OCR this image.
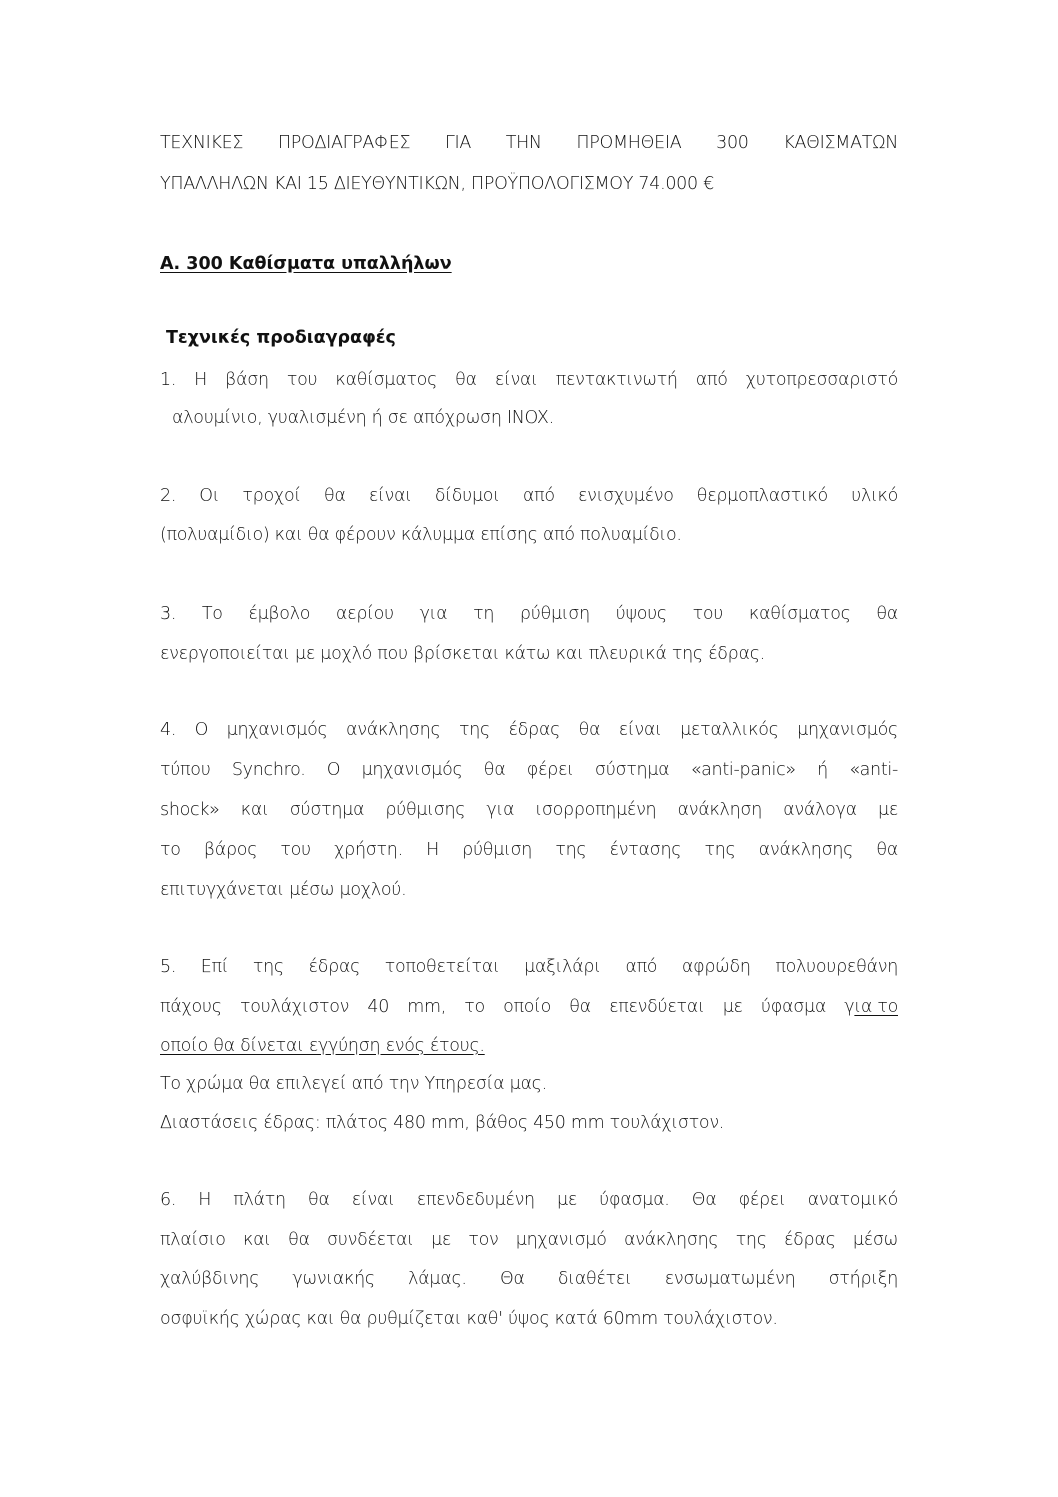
ΤΕΧΝΙΚΕΣ ΠΡΟΔΙΑΓΡΑΦΕΣ ΓΙΑ ΤΗΝ ΠΡΟΜΗΘΕΙΑ 300 ΚΑΘΙΣΜΑΤΩΝ
ΥΠΑΛΛΗΛΩΝ ΚΑΙ 15 ΔΙΕΥΘΥΝΤΙΚΩΝ, ΠΡΟΫΠΟΛΟΓΙΣΜΟΥ 74.000 €
Α. 300 Καθίσματα υπαλλήλων
Τεχνικές προδιαγραφές
1. Η βάση του καθίσματος θα είναι πεντακτινωτή από χυτοπρεσσαριστό
αλουμίνιο, γυαλισμένη ή σε απόχρωση INOX.
2. Οι τροχοί θα είναι δίδυμοι από ενισχυμένο θερμοπλαστικό υλικό
(πολυαμίδιο) και θα φέρουν κάλυμμα επίσης από πολυαμίδιο.
3. Το έμβολο αερίου για τη ρύθμιση ύψους του καθίσματος θα
ενεργοποιείται με μοχλό που βρίσκεται κάτω και πλευρικά της έδρας.
4. Ο μηχανισμός ανάκλησης της έδρας θα είναι μεταλλικός μηχανισμός
τύπου Synchro. Ο μηχανισμός θα φέρει σύστημα «anti-panic» ή «anti-
shock» και σύστημα ρύθμισης για ισορροπημένη ανάκληση ανάλογα με
το βάρος του χρήστη. Η ρύθμιση της έντασης της ανάκλησης θα
επιτυγχάνεται μέσω μοχλού.
5. Επί της έδρας τοποθετείται μαξιλάρι από αφρώδη πολυουρεθάνη
πάχους τουλάχιστον 40 mm, το οποίο θα επενδύεται με ύφασμα γ ια το
οποίο θα δίνεται εγγύηση ενός έτους.
Το χρώμα θα επιλεγεί από την Υπηρεσία μας.
Διαστάσεις έδρας: πλάτος 480 mm, βάθος 450 mm τουλάχιστον.
6. Η πλάτη θα είναι επενδεδυμένη με ύφασμα. Θα φέρει ανατομικό
πλαίσιο και θα συνδέεται με τον μηχανισμό ανάκλησης της έδρας μέσω
χαλύβδινης γωνιακής λάμας. Θα διαθέτει ενσωματωμένη στήριξη
οσφυϊκής χώρας και θα ρυθμίζεται καθ' ύψος κατά 60mm τουλάχιστον.
